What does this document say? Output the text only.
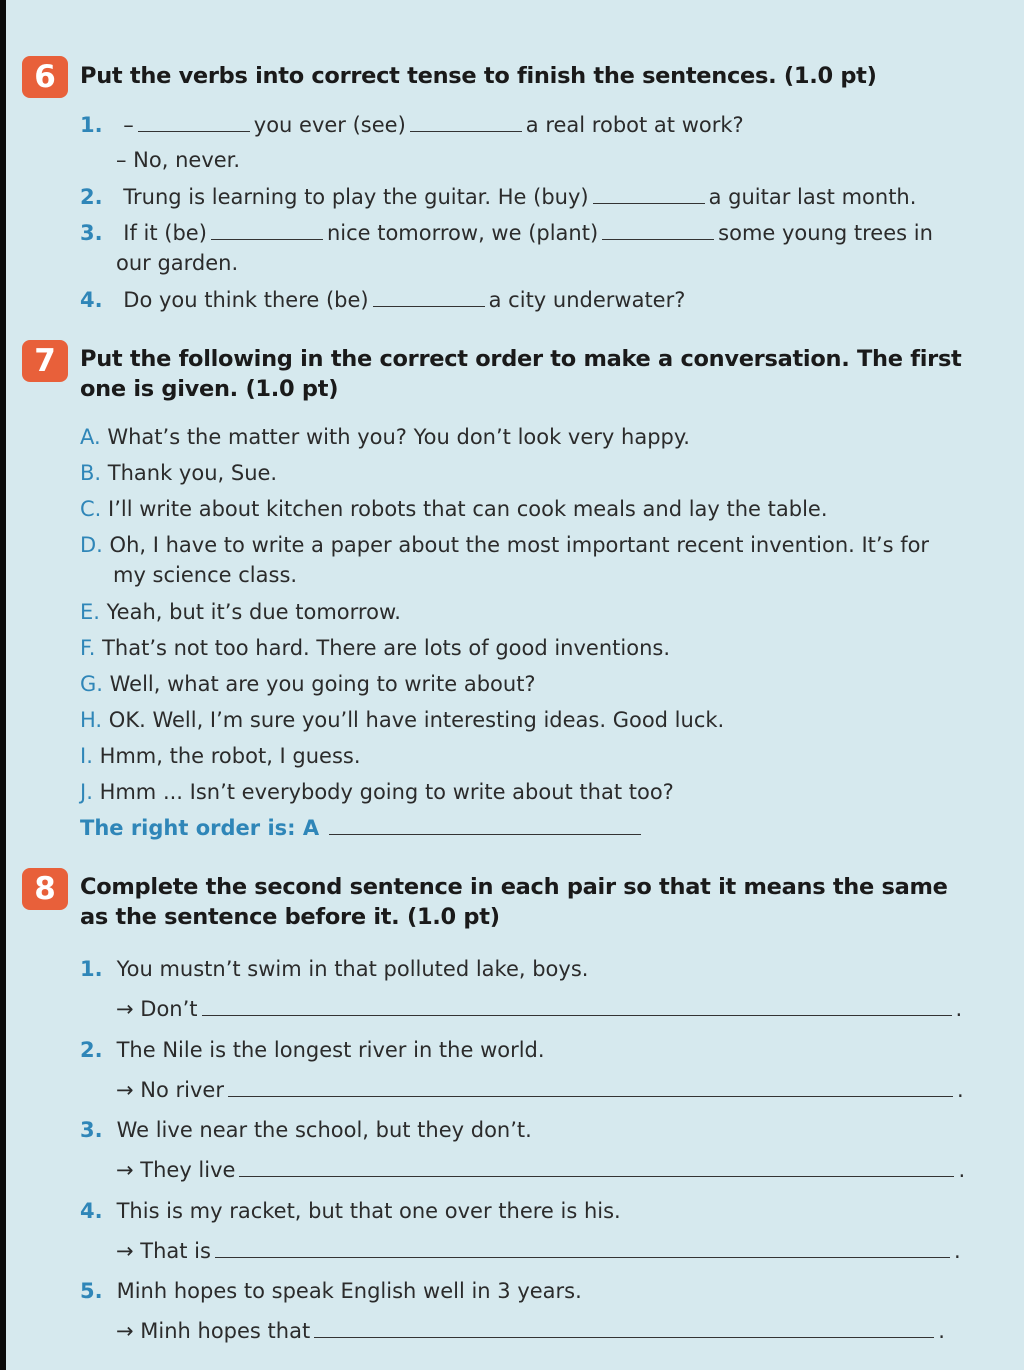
6	Put the verbs into correct tense to finish the sentences. (1.0 pt)
1. –	you ever (see)	a real robot at work?
– No, never.
2. Trung is learning to play the guitar. He (buy)	a guitar last month.
3. If it (be)	nice tomorrow, we (plant)	some young trees in
our garden.
4. Do you think there (be)	a city underwater?
7	Put the following in the correct order to make a conversation. The first
one is given. (1.0 pt)
A. What’s the matter with you? You don’t look very happy.
B. Thank you, Sue.
C. I’ll write about kitchen robots that can cook meals and lay the table.
D. Oh, I have to write a paper about the most important recent invention. It’s for
my science class.
E. Yeah, but it’s due tomorrow.
F. That’s not too hard. There are lots of good inventions.
G. Well, what are you going to write about?
H. OK. Well, I’m sure you’ll have interesting ideas. Good luck.
I. Hmm, the robot, I guess.
J. Hmm ... Isn’t everybody going to write about that too?
The right order is: A
8	Complete the second sentence in each pair so that it means the same
as the sentence before it. (1.0 pt)
1. You mustn’t swim in that polluted lake, boys.
→ Don’t	.
2. The Nile is the longest river in the world.
→ No river	.
3. We live near the school, but they don’t.
→ They live	.
4. This is my racket, but that one over there is his.
→ That is	.
5. Minh hopes to speak English well in 3 years.
→ Minh hopes that	.
